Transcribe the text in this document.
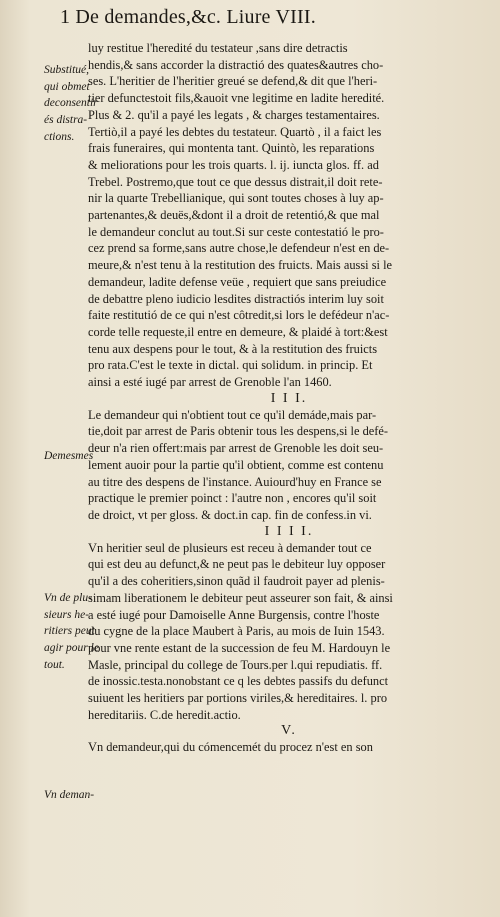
1 De demandes,&c. Liure VIII.
Substitué,
qui obmet
deconsentir
és distra-
ctions.
Demesmes
Vn de plu-
sieurs he-
ritiers peut
agir pour le
tout.
Vn deman-
luy restitue l'heredité du testateur ,sans dire detractis
hendis,& sans accorder la distractió des quates&autres cho-
ses. L'heritier de l'heritier greué se defend,& dit que l'heri-
tier defunctestoit fils,&auoit vne legitime en ladite heredité.
Plus & 2. qu'il a payé les legats , & charges testamentaires.
Tertiò,il a payé les debtes du testateur. Quartò , il a faict les
frais funeraires, qui montenta tant. Quintò, les reparations
& meliorations pour les trois quarts. l. ij. iuncta glos. ff. ad
Trebel. Postremo,que tout ce que dessus distrait,il doit rete-
nir la quarte Trebellianique, qui sont toutes choses à luy ap-
partenantes,& deuës,&dont il a droit de retentió,& que mal
le demandeur conclut au tout.Si sur ceste contestatió le pro-
cez prend sa forme,sans autre chose,le defendeur n'est en de-
meure,& n'est tenu à la restitution des fruicts. Mais aussi si le
demandeur, ladite defense veüe , requiert que sans preiudice
de debattre pleno iudicio lesdites distractiós interim luy soit
faite restitutió de ce qui n'est côtredit,si lors le defédeur n'ac-
corde telle requeste,il entre en demeure, & plaidé à tort:&est
tenu aux despens pour le tout, & à la restitution des fruicts
pro rata.C'est le texte in dictal. qui solidum. in princip. Et
ainsi a esté iugé par arrest de Grenoble l'an 1460.
I I I.
Le demandeur qui n'obtient tout ce qu'il demáde,mais par-
tie,doit par arrest de Paris obtenir tous les despens,si le defé-
deur n'a rien offert:mais par arrest de Grenoble les doit seu-
lement auoir pour la partie qu'il obtient, comme est contenu
au titre des despens de l'instance. Auiourd'huy en France se
practique le premier poinct : l'autre non , encores qu'il soit
de droict, vt per gloss. & doct.in cap. fin de confess.in vi.
I I I I.
Vn heritier seul de plusieurs est receu à demander tout ce
qui est deu au defunct,& ne peut pas le debiteur luy opposer
qu'il a des coheritiers,sinon quãd il faudroit payer ad plenis-
simam liberationem le debiteur peut asseurer son fait, & ainsi
a esté iugé pour Damoiselle Anne Burgensis, contre l'hoste
du cygne de la place Maubert à Paris, au mois de Iuin 1543.
pour vne rente estant de la succession de feu M. Hardouyn le
Masle, principal du college de Tours.per l.qui repudiatis. ff.
de inossic.testa.nonobstant ce q les debtes passifs du defunct
suiuent les heritiers par portions viriles,& hereditaires. l. pro
hereditariis. C.de heredit.actio.
V.
Vn demandeur,qui du cómencemét du procez n'est en son
